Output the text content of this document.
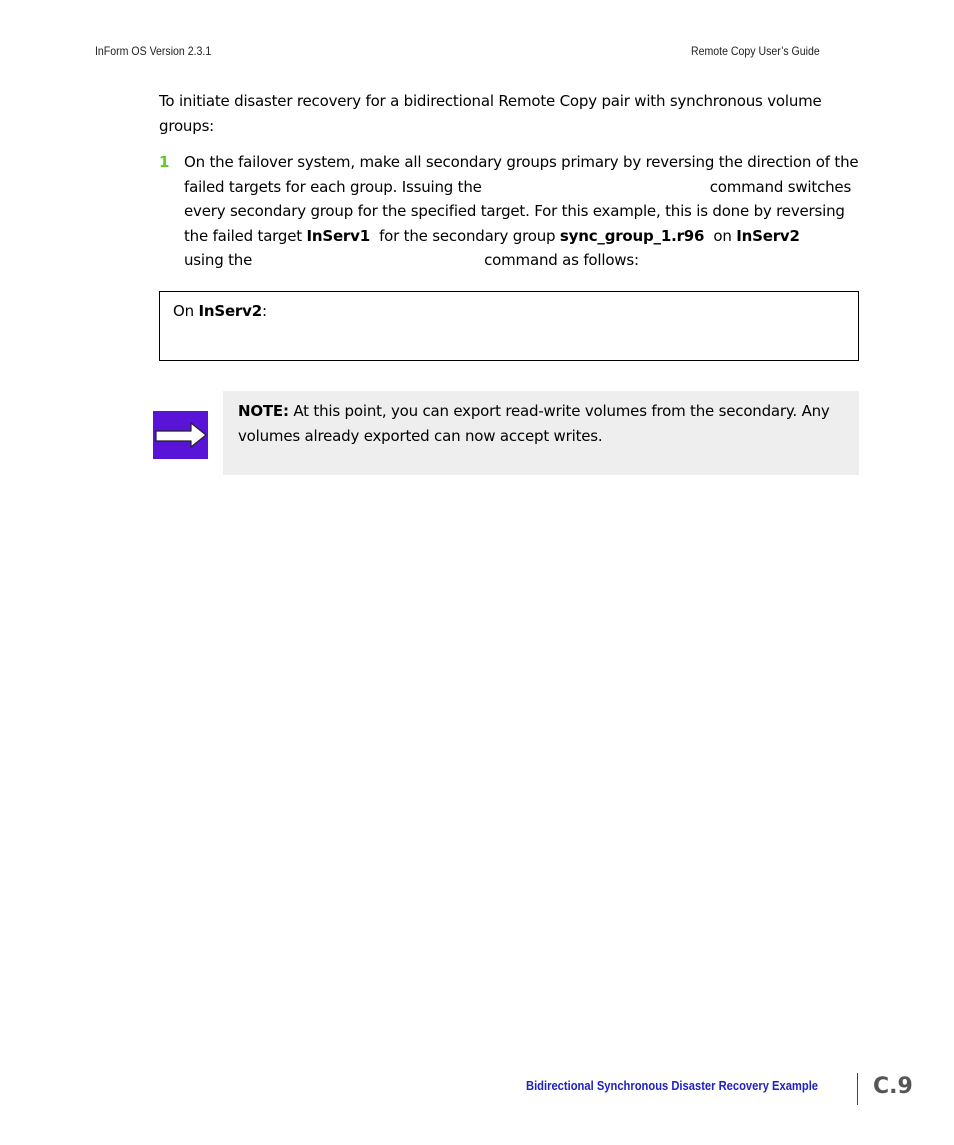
InForm OS Version 2.3.1	Remote Copy User’s Guide
To initiate disaster recovery for a bidirectional Remote Copy pair with synchronous volume groups:
1 On the failover system, make all secondary groups primary by reversing the direction of the
failed targets for each group. Issuing the	command switches
every secondary group for the specified target. For this example, this is done by reversing
the failed target InServ1 for the secondary group sync_group_1.r96 on InServ2
using the	command as follows:
On InServ2:
NOTE: At this point, you can export read-write volumes from the secondary. Any volumes already exported can now accept writes.
Bidirectional Synchronous Disaster Recovery Example C.9
